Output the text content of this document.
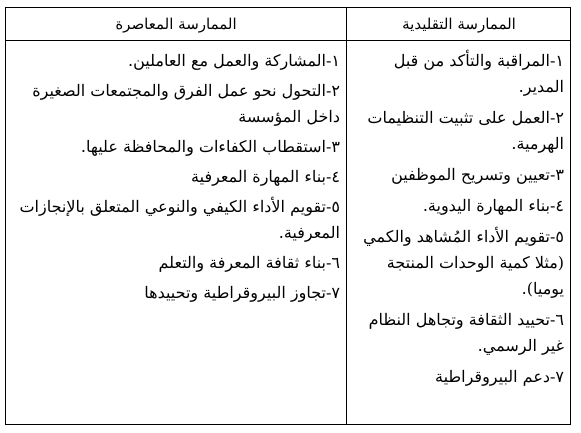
الممارسة المعاصرة	الممارسة التقليدية
١-المشاركة والعمل مع العاملين.
٢-التحول نحو عمل الفرق والمجتمعات الصغيرة داخل المؤسسة
٣-استقطاب الكفاءات والمحافظة عليها.
٤-بناء المهارة المعرفية
٥-تقويم الأداء الكيفي والنوعي المتعلق بالإنجازات المعرفية.
٦-بناء ثقافة المعرفة والتعلم
٧-تجاوز البيروقراطية وتحييدها
١-المراقبة والتأكد من قبل المدير.
٢-العمل على تثبيت التنظيمات الهرمية.
٣-تعيين وتسريح الموظفين
٤-بناء المهارة اليدوية.
٥-تقويم الأداء المُشاهد والكمي (مثلا كمية الوحدات المنتجة يوميا).
٦-تحييد الثقافة وتجاهل النظام غير الرسمي.
٧-دعم البيروقراطية
